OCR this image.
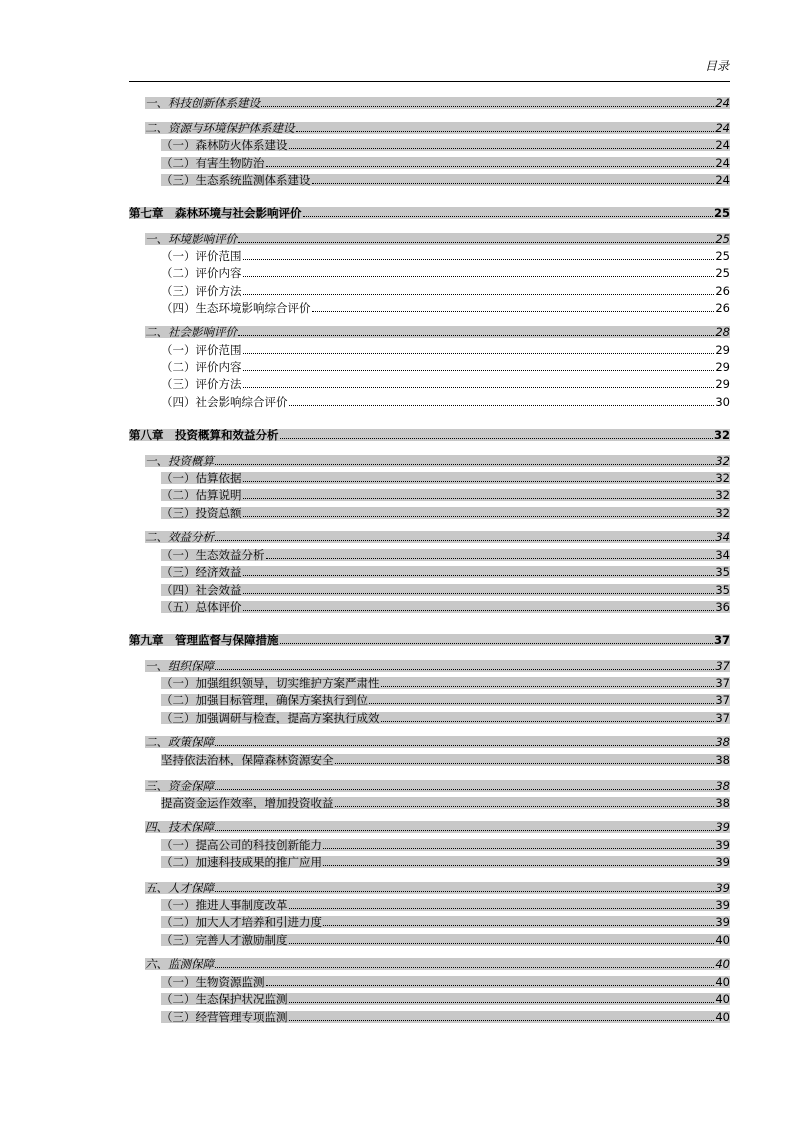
目录
一、科技创新体系建设	24
二、资源与环境保护体系建设	24
（一）森林防火体系建设	24
（二）有害生物防治	24
（三）生态系统监测体系建设	24
第七章　森林环境与社会影响评价	25
一、环境影响评价	25
（一）评价范围	25
（二）评价内容	25
（三）评价方法	26
（四）生态环境影响综合评价	26
二、社会影响评价	28
（一）评价范围	29
（二）评价内容	29
（三）评价方法	29
（四）社会影响综合评价	30
第八章　投资概算和效益分析	32
一、投资概算	32
（一）估算依据	32
（二）估算说明	32
（三）投资总额	32
二、效益分析	34
（一）生态效益分析	34
（三）经济效益	35
（四）社会效益	35
（五）总体评价	36
第九章　管理监督与保障措施	37
一、组织保障	37
（一）加强组织领导，切实维护方案严肃性	37
（二）加强目标管理，确保方案执行到位	37
（三）加强调研与检查，提高方案执行成效	37
二、政策保障	38
坚持依法治林，保障森林资源安全	38
三、资金保障	38
提高资金运作效率，增加投资收益	38
四、技术保障	39
（一）提高公司的科技创新能力	39
（二）加速科技成果的推广应用	39
五、人才保障	39
（一）推进人事制度改革	39
（二）加大人才培养和引进力度	39
（三）完善人才激励制度	40
六、监测保障	40
（一）生物资源监测	40
（二）生态保护状况监测	40
（三）经营管理专项监测	40
